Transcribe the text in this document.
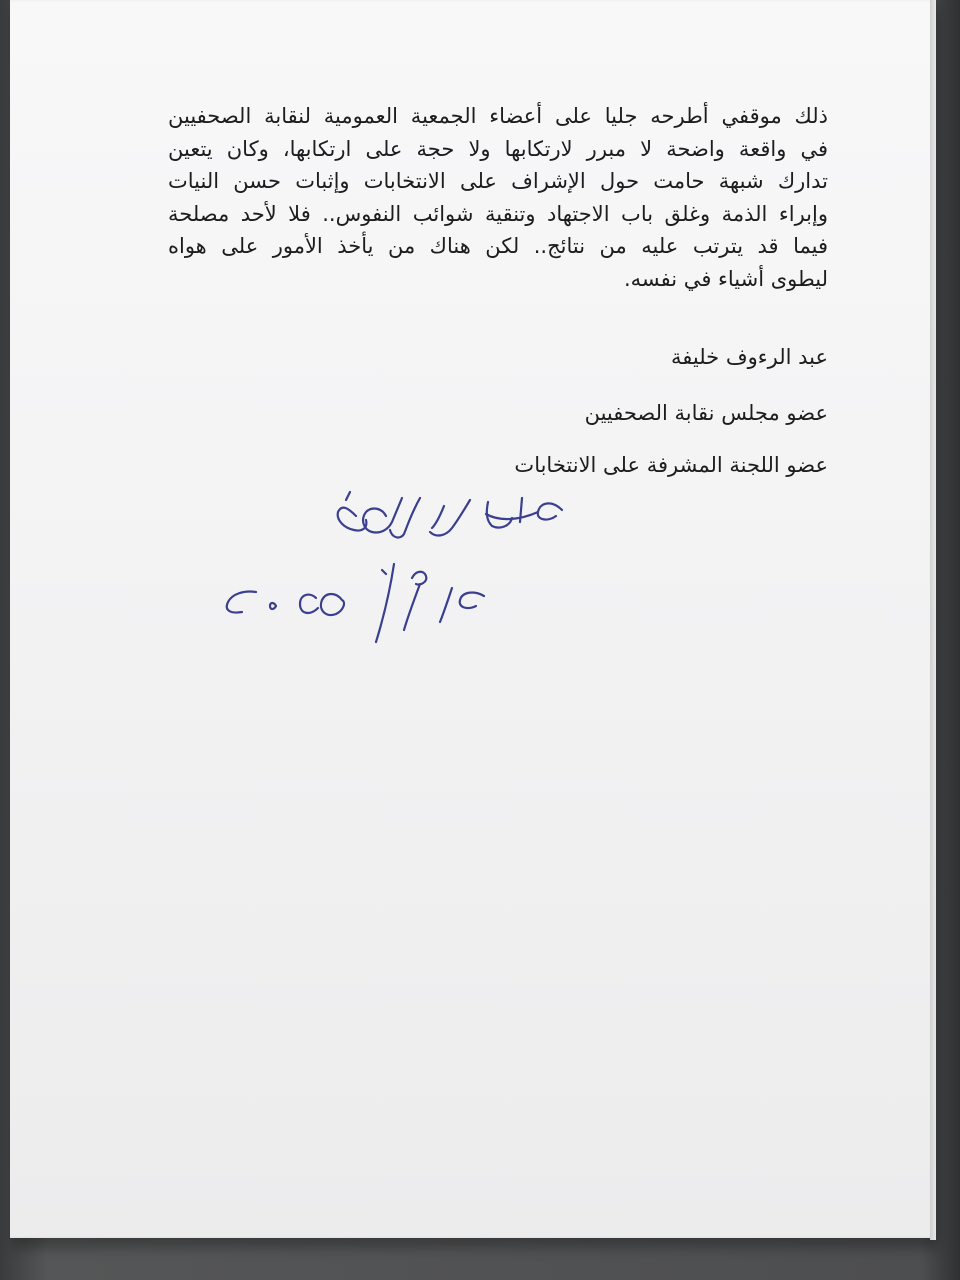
ذلك موقفي أطرحه جليا على أعضاء الجمعية العمومية لنقابة الصحفيين
في واقعة واضحة لا مبرر لارتكابها ولا حجة على ارتكابها، وكان يتعين
تدارك شبهة حامت حول الإشراف على الانتخابات وإثبات حسن النيات
وإبراء الذمة وغلق باب الاجتهاد وتنقية شوائب النفوس.. فلا لأحد مصلحة
فيما قد يترتب عليه من نتائج.. لكن هناك من يأخذ الأمور على هواه
ليطوى أشياء في نفسه.
عبد الرءوف خليفة
عضو مجلس نقابة الصحفيين
عضو اللجنة المشرفة على الانتخابات
